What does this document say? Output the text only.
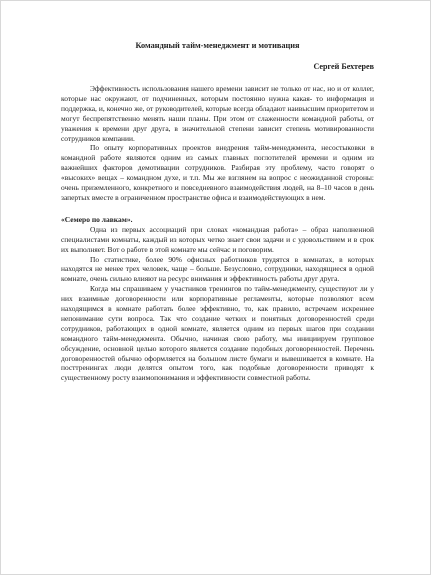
Командный тайм-менеджмент и мотивация

Сергей Бехтерев

Эффективность использования нашего времени зависит не только от нас, но и от коллег, которые нас окружают, от подчиненных, которым постоянно нужна какая- то информация и поддержка, и, конечно же, от руководителей, которые всегда обладают наивысшим приоритетом и могут беспрепятственно менять наши планы. При этом от слаженности командной работы, от уважения к времени друг друга, в значительной степени зависит степень мотивированности сотрудников компании.

По опыту корпоративных проектов внедрения тайм-менеджмента, несостыковки в командной работе являются одним из самых главных поглотителей времени и одним из важнейших факторов демотивации сотрудников. Разбирая эту проблему, часто говорят о «высоких» вещах – командном духе, и т.п. Мы же взглянем на вопрос с неожиданной стороны: очень приземленного, конкретного и повседневного взаимодействия людей, на 8–10 часов в день запертых вместе в ограниченном пространстве офиса и взаимодействующих в нем.

«Семеро по лавкам».

Одна из первых ассоциаций при словах «командная работа» – образ наполненной специалистами комнаты, каждый из которых четко знает свои задачи и с удовольствием и в срок их выполняет. Вот о работе в этой комнате мы сейчас и поговорим.

По статистике, более 90% офисных работников трудятся в комнатах, в которых находятся не менее трех человек, чаще – больше. Безусловно, сотрудники, находящиеся в одной комнате, очень сильно влияют на ресурс внимания и эффективность работы друг друга.

Когда мы спрашиваем у участников тренингов по тайм-менеджменту, существуют ли у них взаимные договоренности или корпоративные регламенты, которые позволяют всем находящимся в комнате работать более эффективно, то, как правило, встречаем искреннее непонимание сути вопроса. Так что создание четких и понятных договоренностей среди сотрудников, работающих в одной комнате, является одним из первых шагов при создании командного тайм-менеджмента. Обычно, начиная свою работу, мы инициируем групповое обсуждение, основной целью которого является создание подобных договоренностей. Перечень договоренностей обычно оформляется на большом листе бумаги и вывешивается в комнате. На посттренингах люди делятся опытом того, как подобные договоренности приводят к существенному росту взаимопонимания и эффективности совместной работы.
